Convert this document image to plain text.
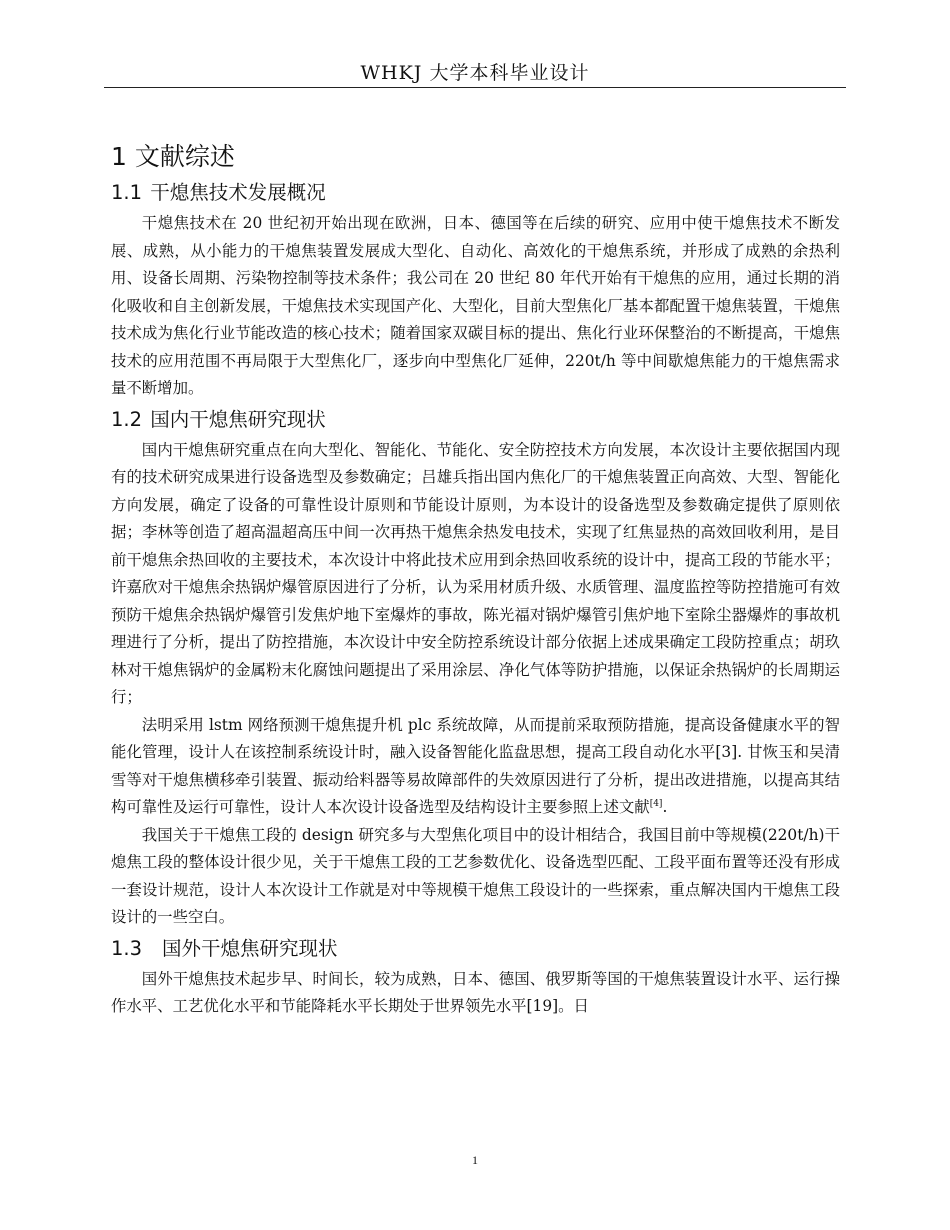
WHKJ 大学本科毕业设计
1 文献综述
1.1 干熄焦技术发展概况

干熄焦技术在 20 世纪初开始出现在欧洲，日本、德国等在后续的研究、应用中使干熄焦技术不断发展、成熟，从小能力的干熄焦装置发展成大型化、自动化、高效化的干熄焦系统，并形成了成熟的余热利用、设备长周期、污染物控制等技术条件；我公司在 20 世纪 80 年代开始有干熄焦的应用，通过长期的消化吸收和自主创新发展，干熄焦技术实现国产化、大型化，目前大型焦化厂基本都配置干熄焦装置，干熄焦技术成为焦化行业节能改造的核心技术；随着国家双碳目标的提出、焦化行业环保整治的不断提高，干熄焦技术的应用范围不再局限于大型焦化厂，逐步向中型焦化厂延伸，220t/h 等中间歇熄焦能力的干熄焦需求量不断增加。

1.2 国内干熄焦研究现状

国内干熄焦研究重点在向大型化、智能化、节能化、安全防控技术方向发展，本次设计主要依据国内现有的技术研究成果进行设备选型及参数确定；吕雄兵指出国内焦化厂的干熄焦装置正向高效、大型、智能化方向发展，确定了设备的可靠性设计原则和节能设计原则，为本设计的设备选型及参数确定提供了原则依据；李林等创造了超高温超高压中间一次再热干熄焦余热发电技术，实现了红焦显热的高效回收利用，是目前干熄焦余热回收的主要技术，本次设计中将此技术应用到余热回收系统的设计中，提高工段的节能水平；许嘉欣对干熄焦余热锅炉爆管原因进行了分析，认为采用材质升级、水质管理、温度监控等防控措施可有效预防干熄焦余热锅炉爆管引发焦炉地下室爆炸的事故，陈光福对锅炉爆管引焦炉地下室除尘器爆炸的事故机理进行了分析，提出了防控措施，本次设计中安全防控系统设计部分依据上述成果确定工段防控重点；胡玖林对干熄焦锅炉的金属粉末化腐蚀问题提出了采用涂层、净化气体等防护措施，以保证余热锅炉的长周期运行；

法明采用 lstm 网络预测干熄焦提升机 plc 系统故障，从而提前采取预防措施，提高设备健康水平的智能化管理，设计人在该控制系统设计时，融入设备智能化监盘思想，提高工段自动化水平[3]. 甘恢玉和吴清雪等对干熄焦横移牵引装置、振动给料器等易故障部件的失效原因进行了分析，提出改进措施，以提高其结构可靠性及运行可靠性，设计人本次设计设备选型及结构设计主要参照上述文献[4].

我国关于干熄焦工段的 design 研究多与大型焦化项目中的设计相结合，我国目前中等规模(220t/h)干熄焦工段的整体设计很少见，关于干熄焦工段的工艺参数优化、设备选型匹配、工段平面布置等还没有形成一套设计规范，设计人本次设计工作就是对中等规模干熄焦工段设计的一些探索，重点解决国内干熄焦工段设计的一些空白。

1.3 国外干熄焦研究现状

国外干熄焦技术起步早、时间长，较为成熟，日本、德国、俄罗斯等国的干熄焦装置设计水平、运行操作水平、工艺优化水平和节能降耗水平长期处于世界领先水平[19]。日

1
